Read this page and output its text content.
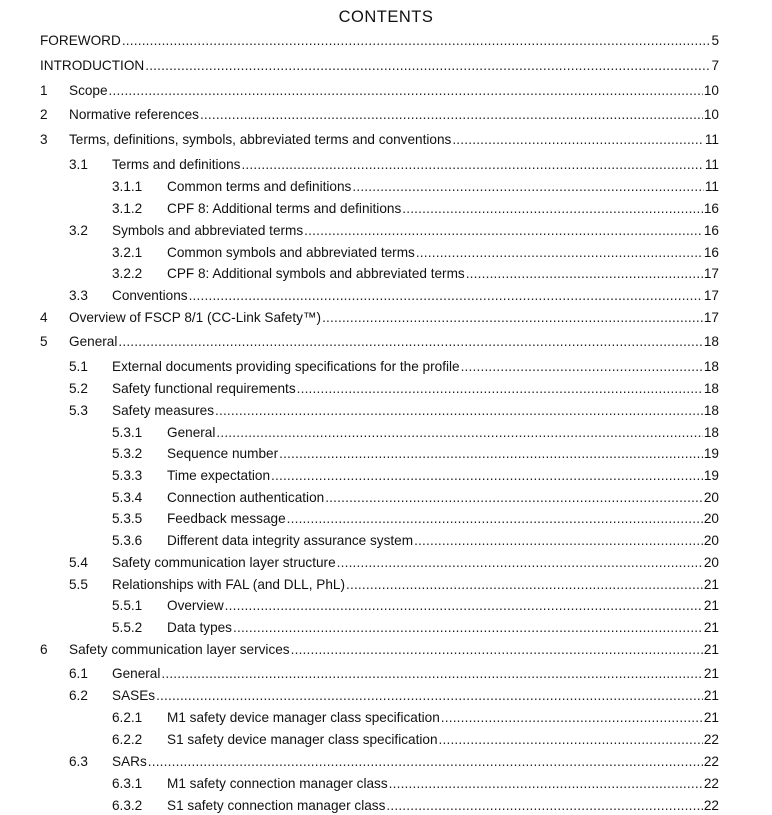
CONTENTS
FOREWORD .....	5
INTRODUCTION .....	7
1	Scope .....	10
2	Normative references .....	10
3	Terms, definitions, symbols, abbreviated terms and conventions .....	11
3.1	Terms and definitions .....	11
3.1.1	Common terms and definitions .....	11
3.1.2	CPF 8: Additional terms and definitions .....	16
3.2	Symbols and abbreviated terms .....	16
3.2.1	Common symbols and abbreviated terms .....	16
3.2.2	CPF 8: Additional symbols and abbreviated terms .....	17
3.3	Conventions .....	17
4	Overview of FSCP 8/1 (CC-Link Safety™) .....	17
5	General .....	18
5.1	External documents providing specifications for the profile .....	18
5.2	Safety functional requirements .....	18
5.3	Safety measures .....	18
5.3.1	General .....	18
5.3.2	Sequence number .....	19
5.3.3	Time expectation .....	19
5.3.4	Connection authentication .....	20
5.3.5	Feedback message .....	20
5.3.6	Different data integrity assurance system .....	20
5.4	Safety communication layer structure .....	20
5.5	Relationships with FAL (and DLL, PhL) .....	21
5.5.1	Overview .....	21
5.5.2	Data types .....	21
6	Safety communication layer services .....	21
6.1	General .....	21
6.2	SASEs .....	21
6.2.1	M1 safety device manager class specification .....	21
6.2.2	S1 safety device manager class specification .....	22
6.3	SARs .....	22
6.3.1	M1 safety connection manager class .....	22
6.3.2	S1 safety connection manager class .....	22
